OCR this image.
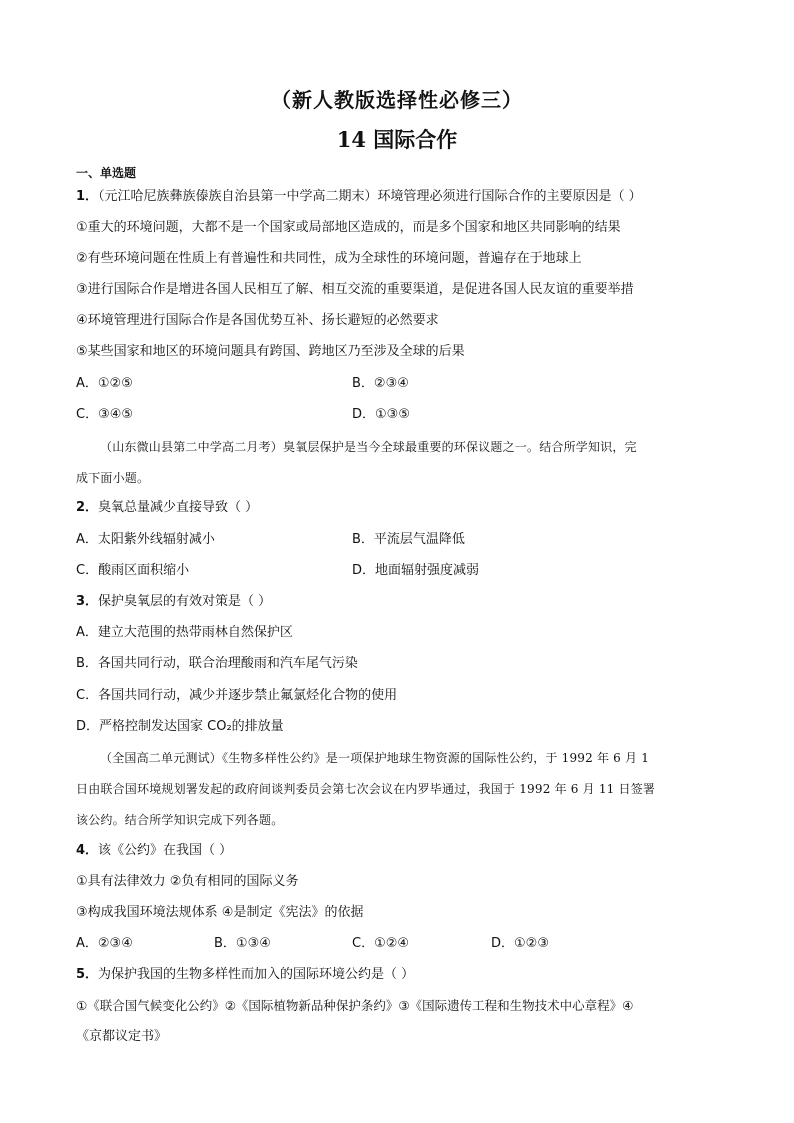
（新人教版选择性必修三）
14 国际合作
一、单选题
1．（元江哈尼族彝族傣族自治县第一中学高二期末）环境管理必须进行国际合作的主要原因是（ ）
①重大的环境问题，大都不是一个国家或局部地区造成的，而是多个国家和地区共同影响的结果
②有些环境问题在性质上有普遍性和共同性，成为全球性的环境问题，普遍存在于地球上
③进行国际合作是增进各国人民相互了解、相互交流的重要渠道，是促进各国人民友谊的重要举措
④环境管理进行国际合作是各国优势互补、扬长避短的必然要求
⑤某些国家和地区的环境问题具有跨国、跨地区乃至涉及全球的后果
A．①②⑤	B．②③④
C．③④⑤	D．①③⑤
（山东微山县第二中学高二月考）臭氧层保护是当今全球最重要的环保议题之一。结合所学知识，完
成下面小题。
2．臭氧总量减少直接导致（ ）
A．太阳紫外线辐射减小	B．平流层气温降低
C．酸雨区面积缩小	D．地面辐射强度减弱
3．保护臭氧层的有效对策是（ ）
A．建立大范围的热带雨林自然保护区
B．各国共同行动，联合治理酸雨和汽车尾气污染
C．各国共同行动，减少并逐步禁止氟氯烃化合物的使用
D．严格控制发达国家 CO₂的排放量
（全国高二单元测试）《生物多样性公约》是一项保护地球生物资源的国际性公约，于 1992 年 6 月 1
日由联合国环境规划署发起的政府间谈判委员会第七次会议在内罗毕通过，我国于 1992 年 6 月 11 日签署
该公约。结合所学知识完成下列各题。
4．该《公约》在我国（ ）
①具有法律效力 ②负有相同的国际义务
③构成我国环境法规体系 ④是制定《宪法》的依据
A．②③④	B．①③④	C．①②④	D．①②③
5．为保护我国的生物多样性而加入的国际环境公约是（ ）
①《联合国气候变化公约》②《国际植物新品种保护条约》③《国际遗传工程和生物技术中心章程》④
《京都议定书》
